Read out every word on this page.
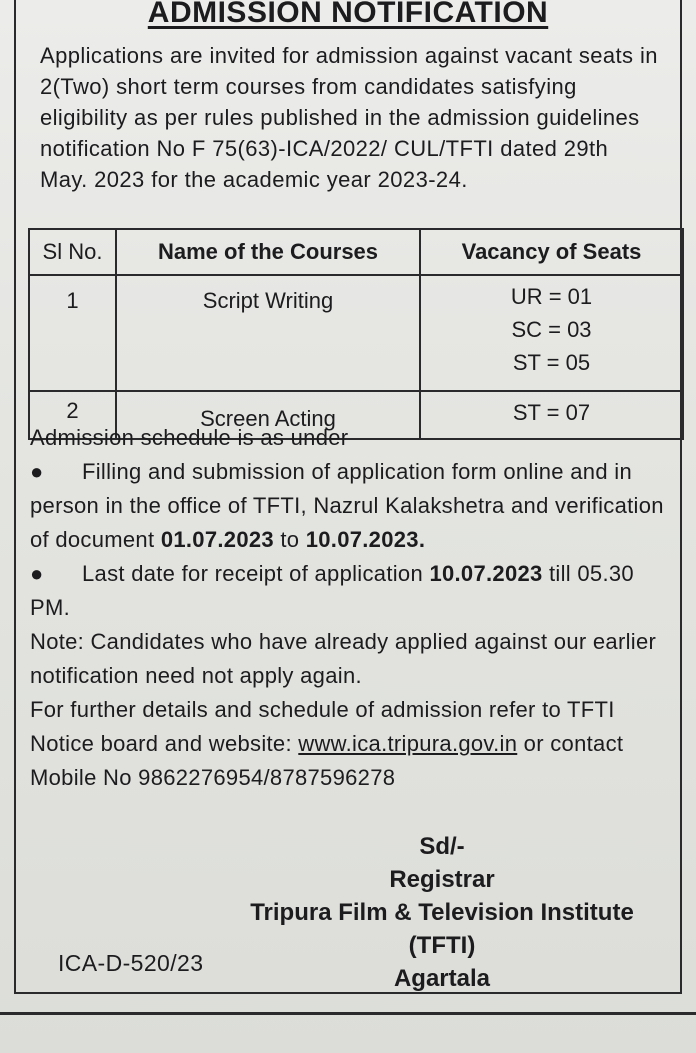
ADMISSION NOTIFICATION
Applications are invited for admission against vacant seats in 2(Two) short term courses from candidates satisfying eligibility as per rules published in the admission guidelines notification No F 75(63)-ICA/2022/ CUL/TFTI dated 29th May. 2023 for the academic year 2023-24.
Sl No.	Name of the Courses	Vacancy of Seats
1	Script Writing	UR = 01
SC = 03
ST = 05

2	Screen Acting	ST = 07

Admission schedule is as under

● Filling and submission of application form online and in person in the office of TFTI, Nazrul Kalakshetra and verification of document 01.07.2023 to 10.07.2023.

● Last date for receipt of application 10.07.2023 till 05.30 PM.

Note: Candidates who have already applied against our earlier notification need not apply again.

For further details and schedule of admission refer to TFTI Notice board and website: www.ica.tripura.gov.in or contact Mobile No 9862276954/8787596278

Sd/-
Registrar
Tripura Film & Television Institute
(TFTI)
Agartala
ICA-D-520/23
